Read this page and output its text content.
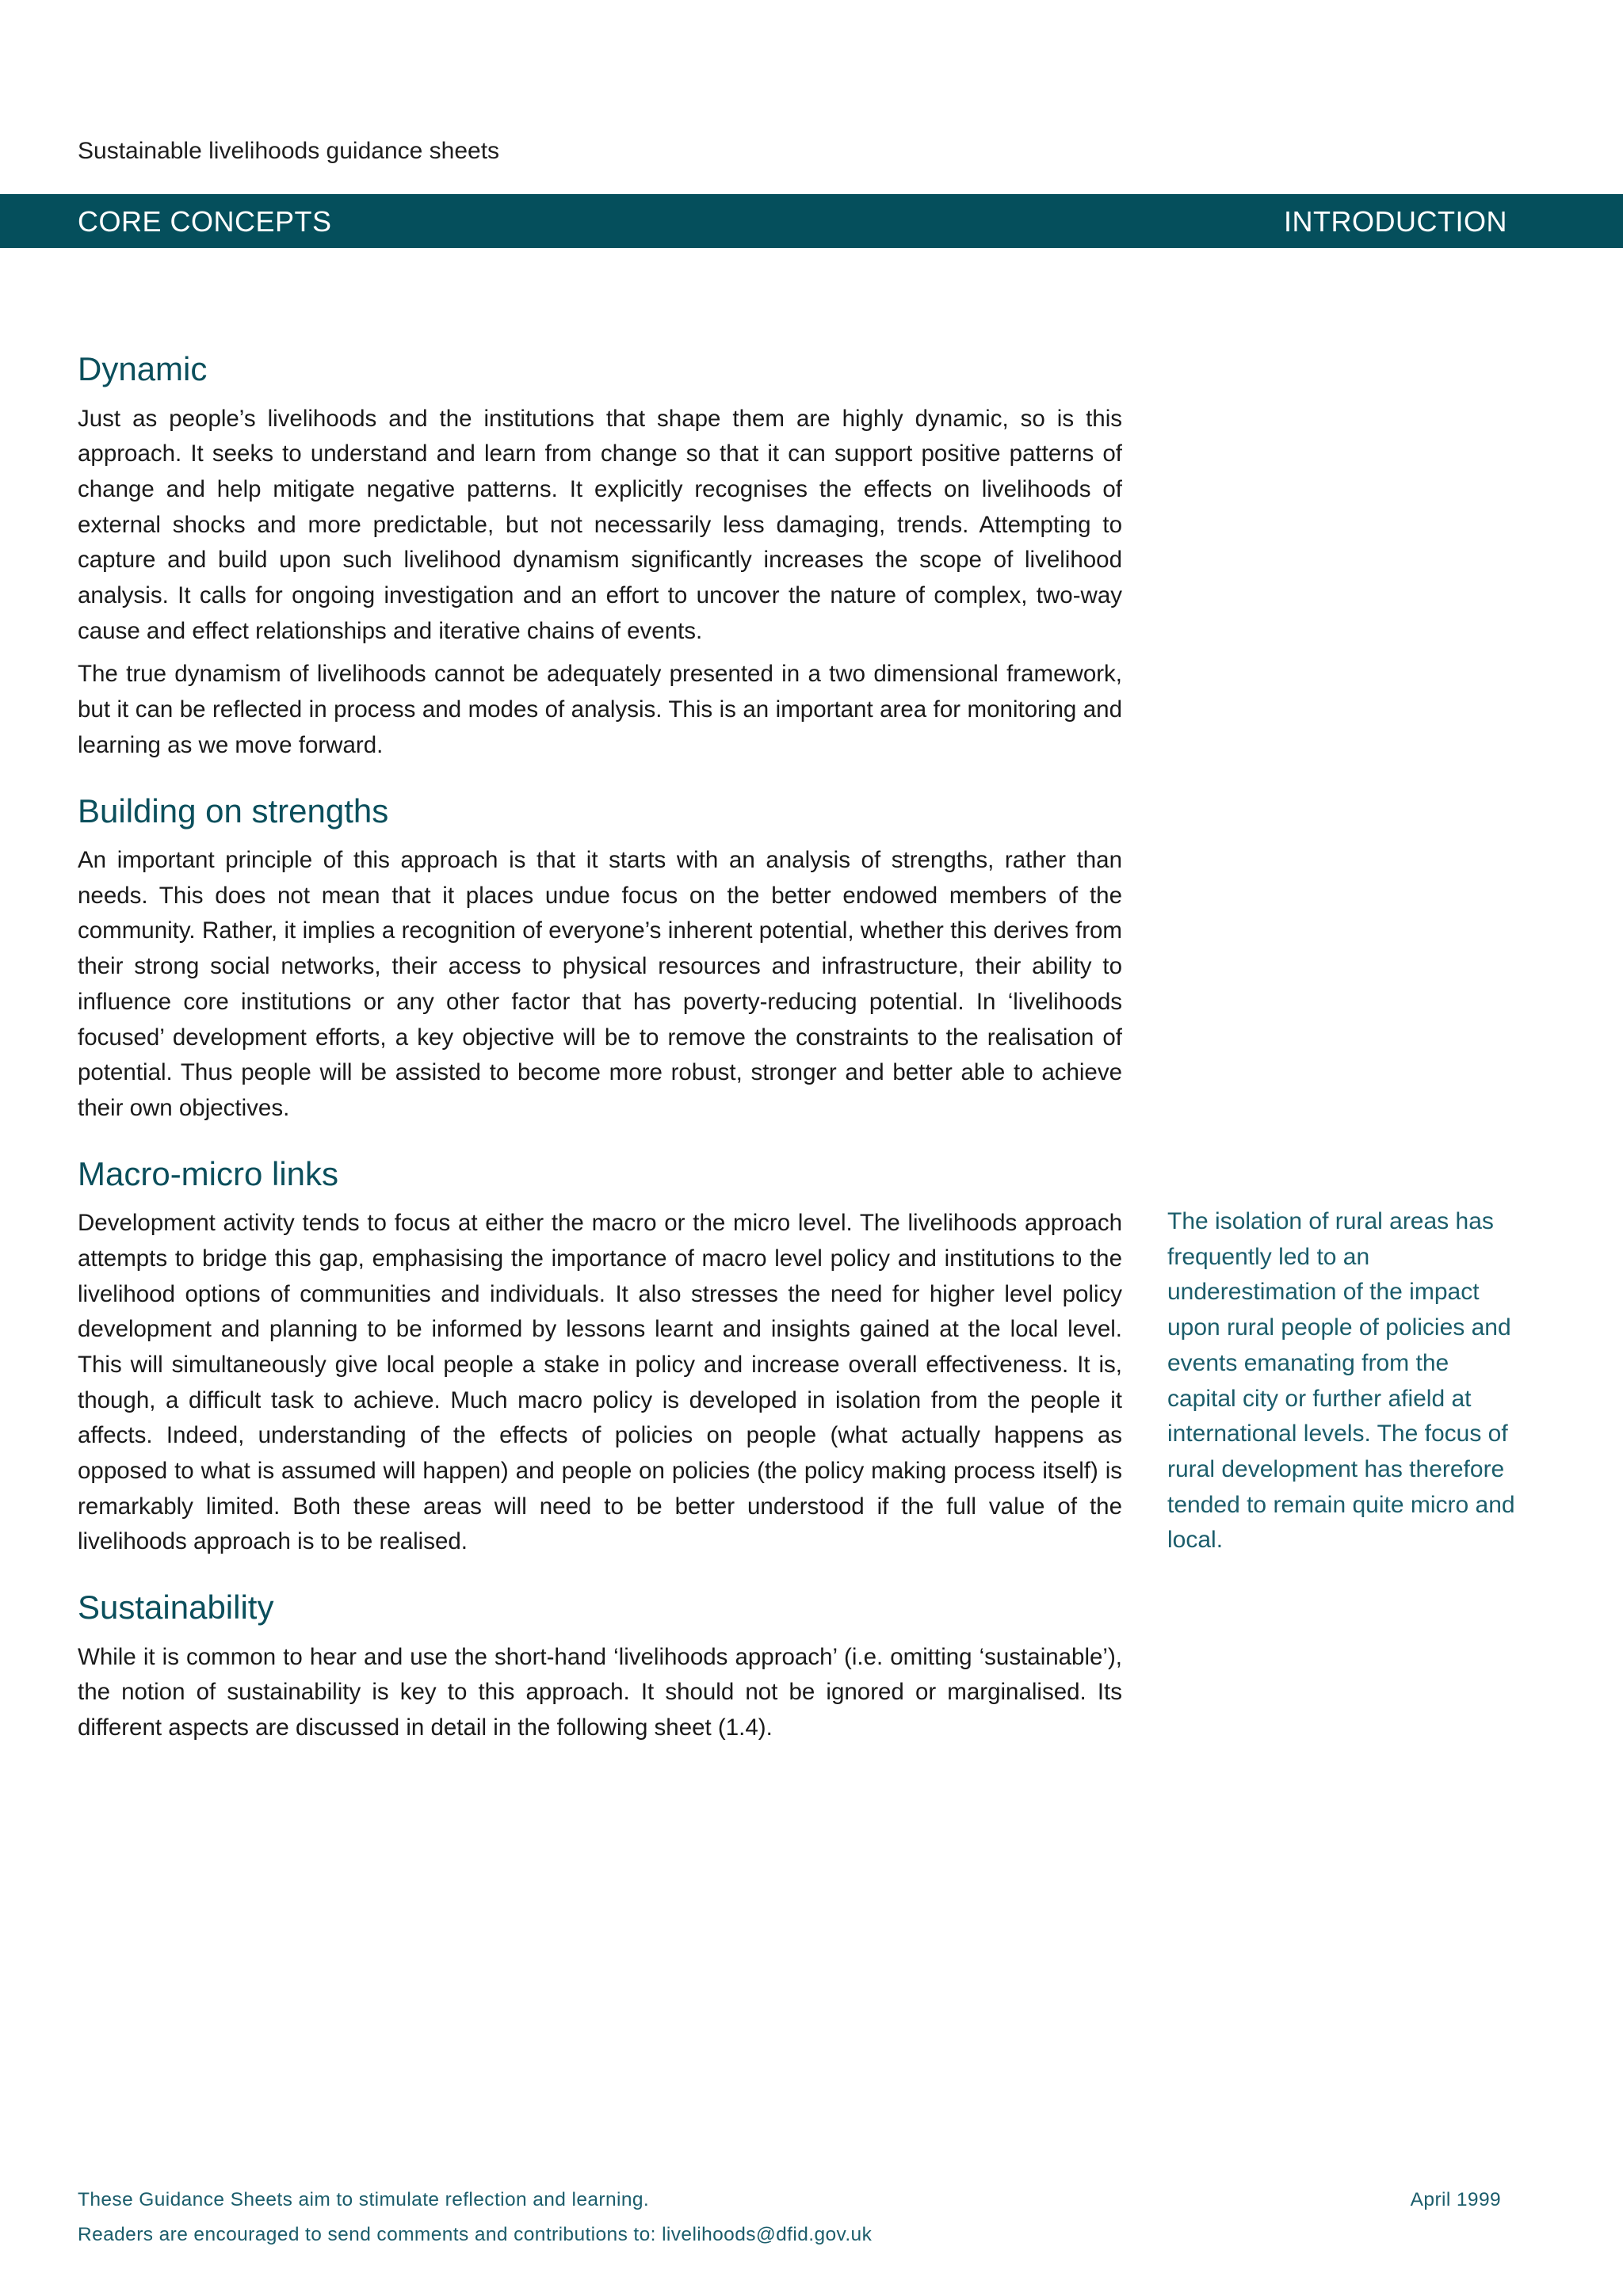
Sustainable livelihoods guidance sheets
CORE CONCEPTS	INTRODUCTION
Dynamic

Just as people’s livelihoods and the institutions that shape them are highly dynamic, so is this approach. It seeks to understand and learn from change so that it can support positive patterns of change and help mitigate negative patterns. It explicitly recognises the effects on livelihoods of external shocks and more predictable, but not necessarily less damaging, trends. Attempting to capture and build upon such livelihood dynamism significantly increases the scope of livelihood analysis. It calls for ongoing investigation and an effort to uncover the nature of complex, two-way cause and effect relationships and iterative chains of events.

The true dynamism of livelihoods cannot be adequately presented in a two dimensional framework, but it can be reflected in process and modes of analysis. This is an important area for monitoring and learning as we move forward.

Building on strengths

An important principle of this approach is that it starts with an analysis of strengths, rather than needs. This does not mean that it places undue focus on the better endowed members of the community. Rather, it implies a recognition of everyone’s inherent potential, whether this derives from their strong social networks, their access to physical resources and infrastructure, their ability to influence core institutions or any other factor that has poverty-reducing potential. In ‘livelihoods focused’ development efforts, a key objective will be to remove the constraints to the realisation of potential. Thus people will be assisted to become more robust, stronger and better able to achieve their own objectives.

Macro-micro links

Development activity tends to focus at either the macro or the micro level. The livelihoods approach attempts to bridge this gap, emphasising the importance of macro level policy and institutions to the livelihood options of communities and individuals. It also stresses the need for higher level policy development and planning to be informed by lessons learnt and insights gained at the local level. This will simultaneously give local people a stake in policy and increase overall effectiveness. It is, though, a difficult task to achieve. Much macro policy is developed in isolation from the people it affects. Indeed, understanding of the effects of policies on people (what actually happens as opposed to what is assumed will happen) and people on policies (the policy making process itself) is remarkably limited. Both these areas will need to be better understood if the full value of the livelihoods approach is to be realised.

Sustainability

While it is common to hear and use the short-hand ‘livelihoods approach’ (i.e. omitting ‘sustainable’), the notion of sustainability is key to this approach. It should not be ignored or marginalised. Its different aspects are discussed in detail in the following sheet (1.4).

The isolation of rural areas has frequently led to an underestimation of the impact upon rural people of policies and events emanating from the capital city or further afield at international levels. The focus of rural development has therefore tended to remain quite micro and local.
These Guidance Sheets aim to stimulate reflection and learning.
Readers are encouraged to send comments and contributions to: livelihoods@dfid.gov.uk
April 1999
